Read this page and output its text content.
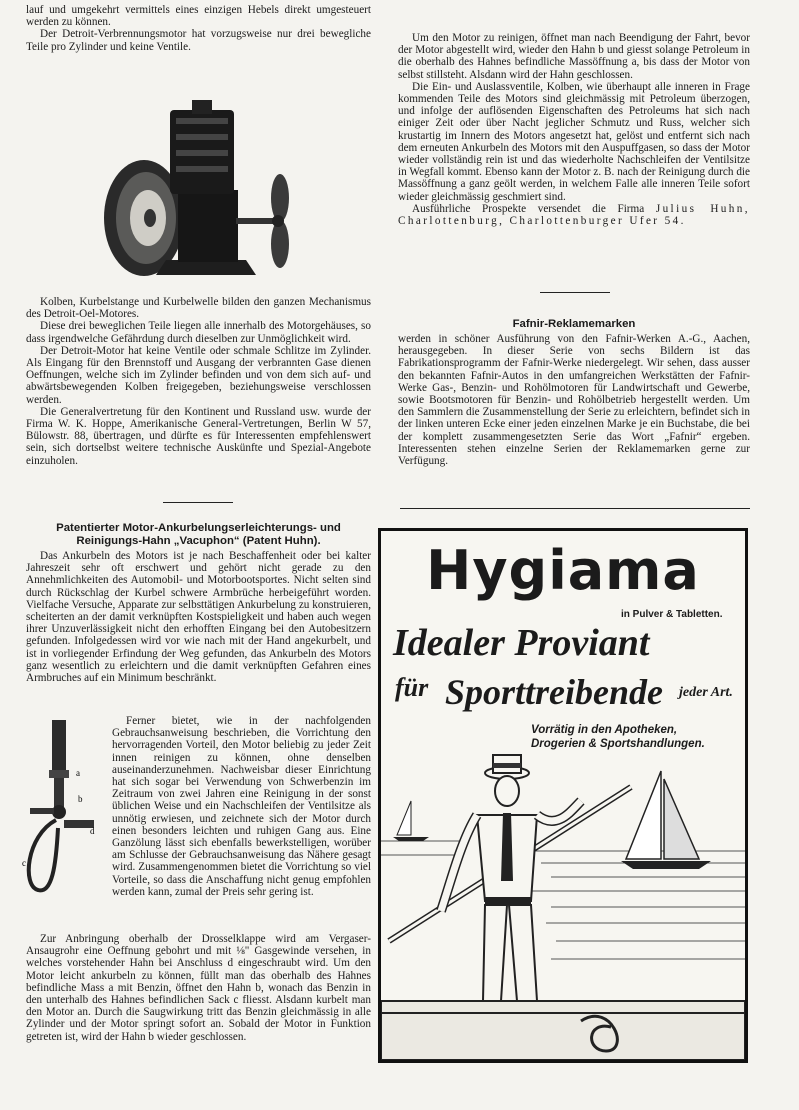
lauf und umgekehrt vermittels eines einzigen Hebels direkt umgesteuert werden zu können.

Der Detroit-Verbrennungsmotor hat vorzugsweise nur drei bewegliche Teile pro Zylinder und keine Ventile.

Kolben, Kurbelstange und Kurbelwelle bilden den ganzen Mechanismus des Detroit-Oel-Motores.

Diese drei beweglichen Teile liegen alle innerhalb des Motorgehäuses, so dass irgendwelche Gefährdung durch dieselben zur Unmöglichkeit wird.

Der Detroit-Motor hat keine Ventile oder schmale Schlitze im Zylinder. Als Eingang für den Brennstoff und Ausgang der verbrannten Gase dienen Oeffnungen, welche sich im Zylinder befinden und von dem sich auf- und abwärtsbewegenden Kolben freigegeben, beziehungsweise verschlossen werden.

Die Generalvertretung für den Kontinent und Russland usw. wurde der Firma W. K. Hoppe, Amerikanische General-Vertretungen, Berlin W 57, Bülowstr. 88, übertragen, und dürfte es für Interessenten empfehlenswert sein, sich dortselbst weitere technische Auskünfte und Spezial-Angebote einzuholen.

Um den Motor zu reinigen, öffnet man nach Beendigung der Fahrt, bevor der Motor abgestellt wird, wieder den Hahn b und giesst solange Petroleum in die oberhalb des Hahnes befindliche Massöffnung a, bis dass der Motor von selbst stillsteht. Alsdann wird der Hahn geschlossen.

Die Ein- und Auslassventile, Kolben, wie überhaupt alle inneren in Frage kommenden Teile des Motors sind gleichmässig mit Petroleum überzogen, und infolge der auflösenden Eigenschaften des Petroleums hat sich nach einiger Zeit oder über Nacht jeglicher Schmutz und Russ, welcher sich krustartig im Innern des Motors angesetzt hat, gelöst und entfernt sich nach dem erneuten Ankurbeln des Motors mit den Auspuffgasen, so dass der Motor wieder vollständig rein ist und das wiederholte Nachschleifen der Ventilsitze in Wegfall kommt. Ebenso kann der Motor z. B. nach der Reinigung durch die Massöffnung a ganz geölt werden, in welchem Falle alle inneren Teile sofort wieder gleichmässig geschmiert sind.

Ausführliche Prospekte versendet die Firma Julius Huhn, Charlottenburg, Charlottenburger Ufer 54.

Fafnir-Reklamemarken

werden in schöner Ausführung von den Fafnir-Werken A.-G., Aachen, herausgegeben. In dieser Serie von sechs Bildern ist das Fabrikationsprogramm der Fafnir-Werke niedergelegt. Wir sehen, dass ausser den bekannten Fafnir-Autos in den umfangreichen Werkstätten der Fafnir-Werke Gas-, Benzin- und Rohölmotoren für Landwirtschaft und Gewerbe, sowie Bootsmotoren für Benzin- und Rohölbetrieb hergestellt werden. Um den Sammlern die Zusammenstellung der Serie zu erleichtern, befindet sich in der linken unteren Ecke einer jeden einzelnen Marke je ein Buchstabe, die bei der komplett zusammengesetzten Serie das Wort „Fafnir“ ergeben. Interessenten stehen einzelne Serien der Reklamemarken gerne zur Verfügung.

Patentierter Motor-Ankurbelungserleichterungs- und Reinigungs-Hahn „Vacuphon“ (Patent Huhn).

Das Ankurbeln des Motors ist je nach Beschaffenheit oder bei kalter Jahreszeit sehr oft erschwert und gehört nicht gerade zu den Annehmlichkeiten des Automobil- und Motorbootsportes. Nicht selten sind durch Rückschlag der Kurbel schwere Armbrüche herbeigeführt worden. Vielfache Versuche, Apparate zur selbsttätigen Ankurbelung zu konstruieren, scheiterten an der damit verknüpften Kostspieligkeit und haben auch wegen ihrer Unzuverlässigkeit nicht den erhofften Eingang bei den Autobesitzern gefunden. Infolgedessen wird vor wie nach mit der Hand angekurbelt, und ist in vorliegender Erfindung der Weg gefunden, das Ankurbeln des Motors ganz wesentlich zu erleichtern und die damit verknüpften Gefahren eines Armbruches auf ein Minimum beschränkt.

a
b
c
d

Ferner bietet, wie in der nachfolgenden Gebrauchsanweisung beschrieben, die Vorrichtung den hervorragenden Vorteil, den Motor beliebig zu jeder Zeit innen reinigen zu können, ohne denselben auseinanderzunehmen. Nachweisbar dieser Einrichtung hat sich sogar bei Verwendung von Schwerbenzin im Zeitraum von zwei Jahren eine Reinigung in der sonst üblichen Weise und ein Nachschleifen der Ventilsitze als unnötig erwiesen, und zeichnete sich der Motor durch einen besonders leichten und ruhigen Gang aus. Eine Ganzölung lässt sich ebenfalls bewerkstelligen, worüber am Schlusse der Gebrauchsanweisung das Nähere gesagt wird. Zusammengenommen bietet die Vorrichtung so viel Vorteile, so dass die Anschaffung nicht genug empfohlen werden kann, zumal der Preis sehr gering ist.

Zur Anbringung oberhalb der Drosselklappe wird am Vergaser-Ansaugrohr eine Oeffnung gebohrt und mit ⅛" Gasgewinde versehen, in welches vorstehender Hahn bei Anschluss d eingeschraubt wird. Um den Motor leicht ankurbeln zu können, füllt man das oberhalb des Hahnes befindliche Mass a mit Benzin, öffnet den Hahn b, wonach das Benzin in den unterhalb des Hahnes befindlichen Sack c fliesst. Alsdann kurbelt man den Motor an. Durch die Saugwirkung tritt das Benzin gleichmässig in alle Zylinder und der Motor springt sofort an. Sobald der Motor in Funktion getreten ist, wird der Hahn b wieder geschlossen.

Hygiama
in Pulver & Tabletten.
Idealer Proviant
für Sporttreibende jeder Art.
Vorrätig in den Apotheken,
Drogerien & Sportshandlungen.
